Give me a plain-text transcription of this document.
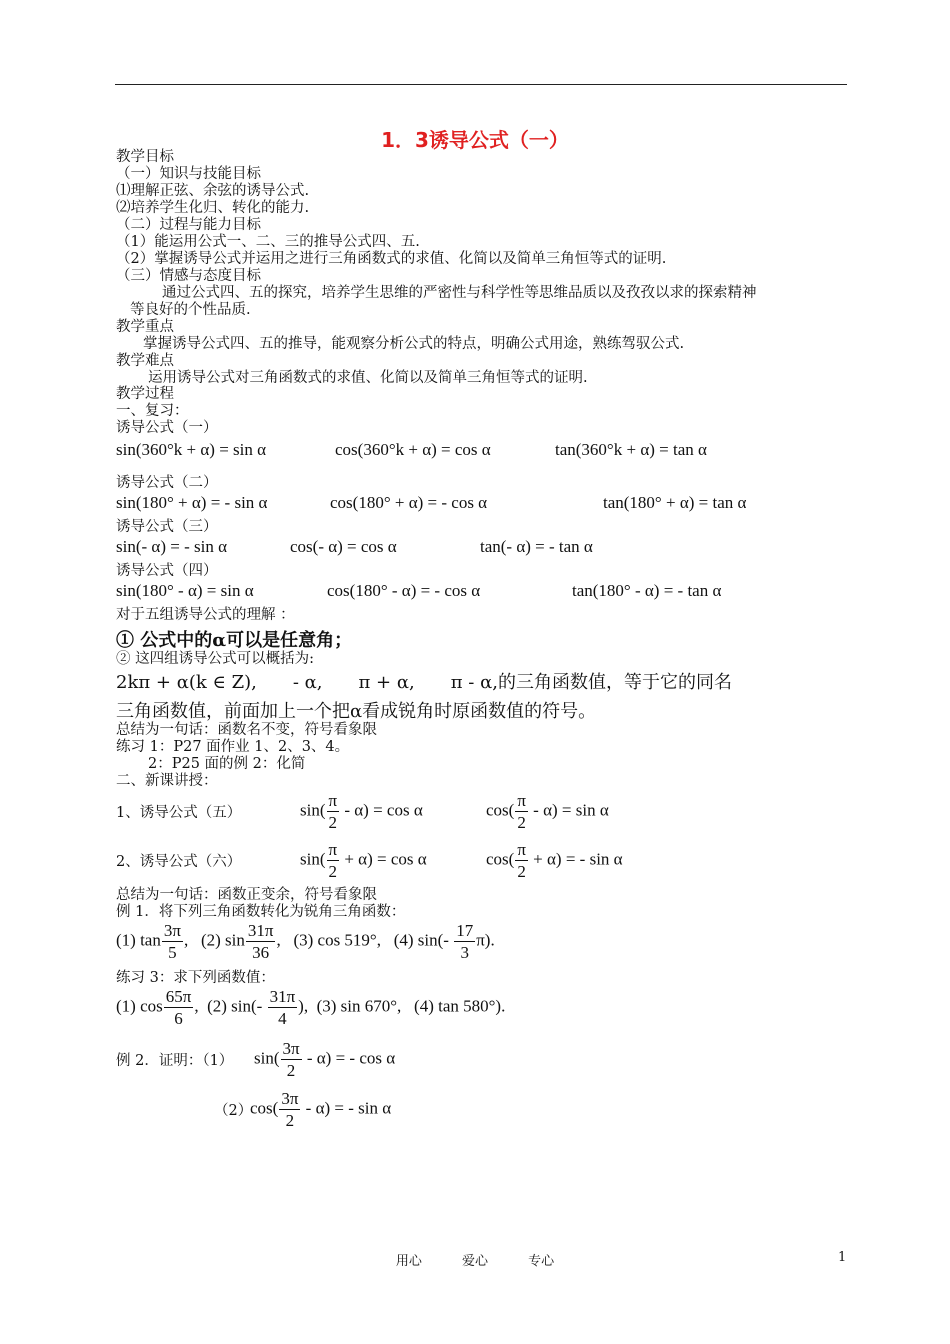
1．3诱导公式（一）
教学目标
（一）知识与技能目标
⑴理解正弦、余弦的诱导公式.
⑵培养学生化归、转化的能力.
（二）过程与能力目标
（1）能运用公式一、二、三的推导公式四、五.
（2）掌握诱导公式并运用之进行三角函数式的求值、化简以及简单三角恒等式的证明.
（三）情感与态度目标
通过公式四、五的探究，培养学生思维的严密性与科学性等思维品质以及孜孜以求的探索精神
等良好的个性品质.
教学重点
掌握诱导公式四、五的推导，能观察分析公式的特点，明确公式用途，熟练驾驭公式.
教学难点
运用诱导公式对三角函数式的求值、化简以及简单三角恒等式的证明.
教学过程
一、复习：
诱导公式（一）
sin(360°k + α) = sin α	cos(360°k + α) = cos α	tan(360°k + α) = tan α
诱导公式（二）
sin(180° + α) = - sin α	cos(180° + α) = - cos α	tan(180° + α) = tan α
诱导公式（三）
sin(- α) = - sin α	cos(- α) = cos α	tan(- α) = - tan α
诱导公式（四）
sin(180° - α) = sin α	cos(180° - α) = - cos α	tan(180° - α) = - tan α
对于五组诱导公式的理解 ：
① 公式中的α可以是任意角；
② 这四组诱导公式可以概括为:
2kπ + α(k ∈ Z),　　- α,　　π + α,　　π - α,的三角函数值，等于它的同名
三角函数值，前面加上一个把α看成锐角时原函数值的符号。
总结为一句话：函数名不变，符号看象限
练习 1：P27 面作业 1、2、3、4。
2：P25 面的例 2：化简
二、新课讲授：
1、诱导公式（五）	$\sin( \frac{\pi}{2} - \alpha) = \cos \alpha$	$\cos( \frac{\pi}{2} - \alpha) = \sin \alpha$
2、诱导公式（六）	$\sin( \frac{\pi}{2} + \alpha) = \cos \alpha$	$\cos( \frac{\pi}{2} + \alpha)$ = - sin α
总结为一句话：函数正变余，符号看象限
例 1．将下列三角函数转化为锐角三角函数：
(1) $\tan \frac{3\pi}{5}$ ,   (2) $\sin \frac{31\pi}{36}$ ,   (3) cos 519°,   (4) $\sin(- \frac{17}{3} \pi)$.
练习 3：求下列函数值：
(1) $\cos \frac{65\pi}{6}$ ,  (2) $\sin(- \frac{31\pi}{4}$ ),  (3) sin 670°,   (4) tan 580°).
例 2．证明：（1） $\sin( \frac{3\pi}{2} - \alpha)$ = - cos α
（2）
$\cos( \frac{3\pi}{2} - \alpha)$ = - sin α
用心	爱心	专心	1
